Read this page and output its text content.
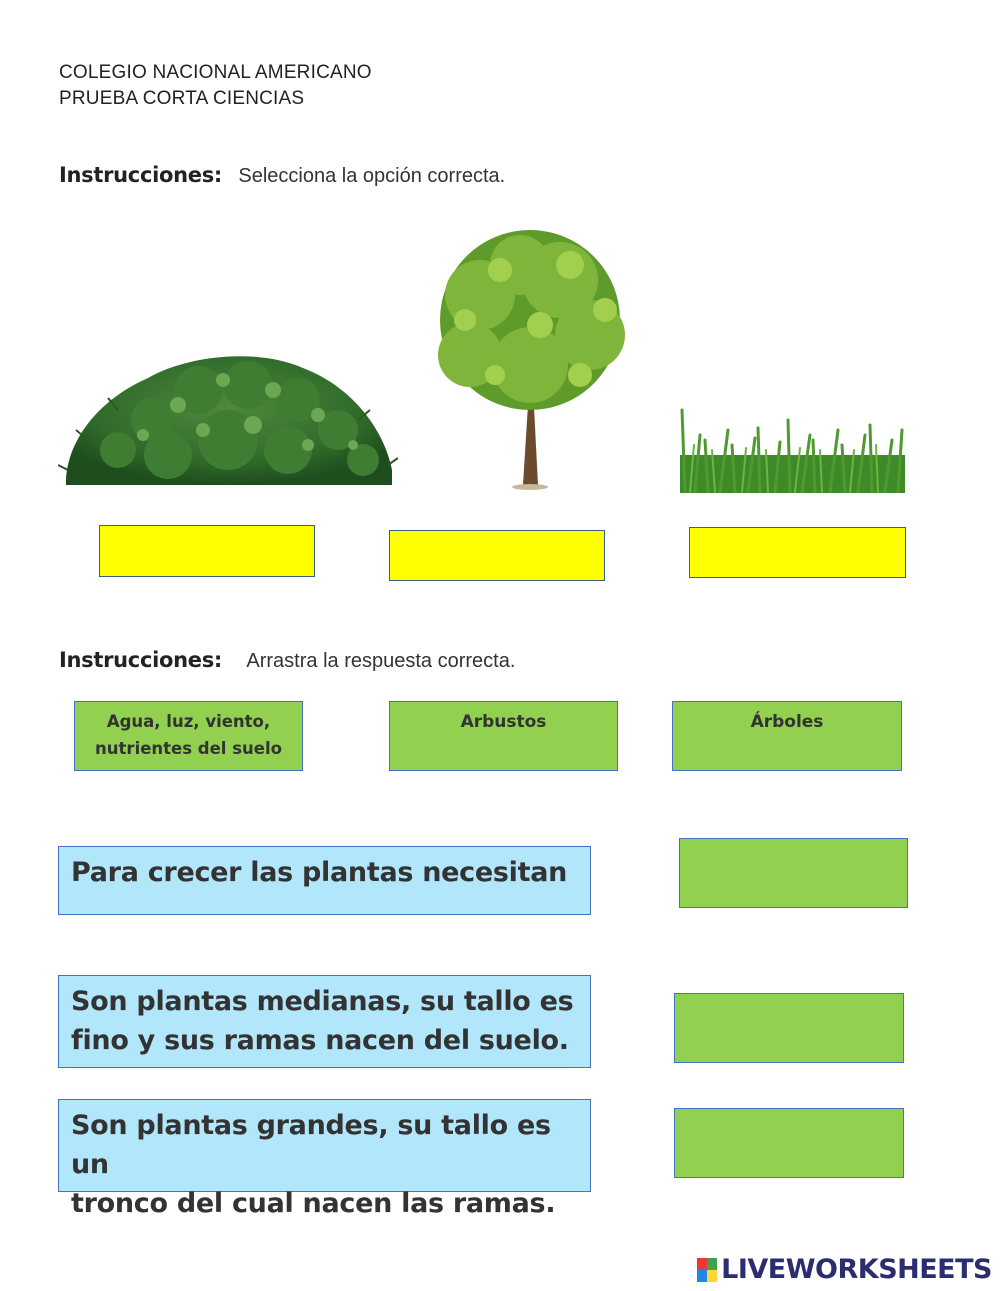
COLEGIO NACIONAL AMERICANO
PRUEBA CORTA CIENCIAS
Instrucciones: Selecciona la opción correcta.
Instrucciones: Arrastra la respuesta correcta.
Agua, luz, viento,
nutrientes del suelo
Arbustos	Árboles
Para crecer las plantas necesitan
Son plantas medianas, su tallo es
fino y sus ramas nacen del suelo.
Son plantas grandes, su tallo es un
tronco del cual nacen las ramas.
LIVEWORKSHEETS
